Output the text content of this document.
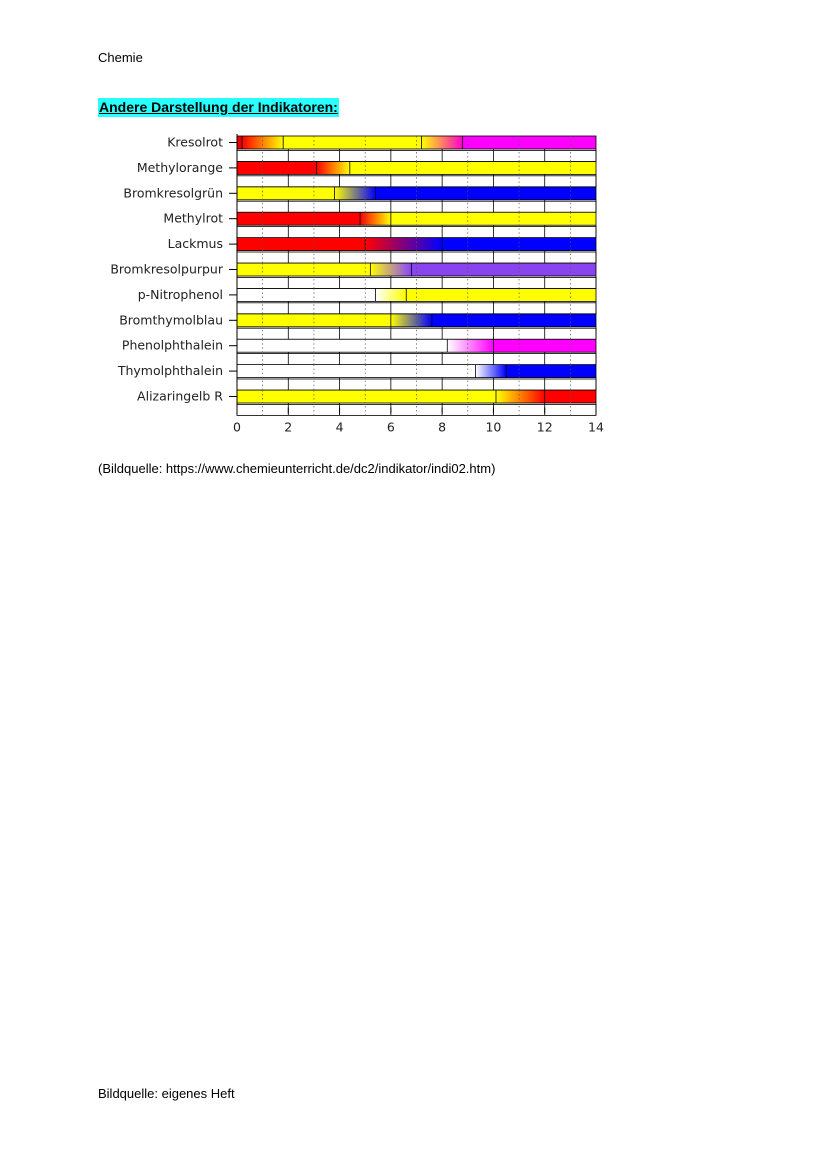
Chemie
Andere Darstellung der Indikatoren:
Kresolrot
Methylorange
Bromkresolgrün
Methylrot
Lackmus
Bromkresolpurpur
p-Nitrophenol
Bromthymolblau
Phenolphthalein
Thymolphthalein
Alizaringelb R
0	2	4	6	8	10	12	14
(Bildquelle: https://www.chemieunterricht.de/dc2/indikator/indi02.htm)
Bildquelle: eigenes Heft
